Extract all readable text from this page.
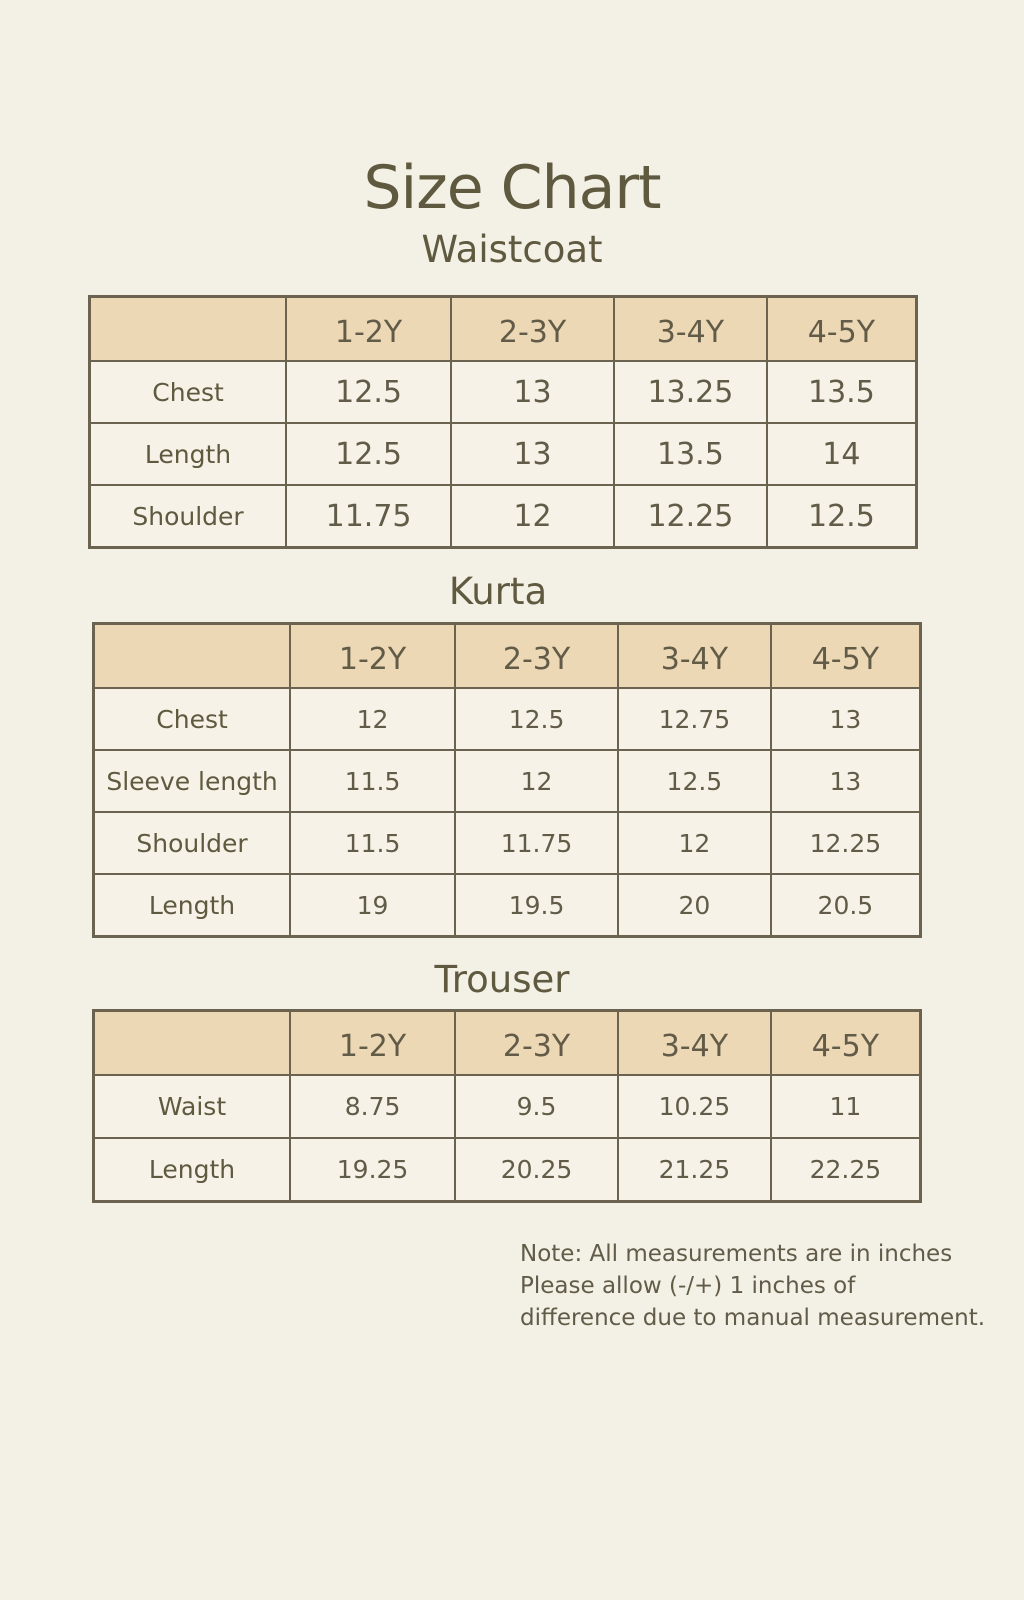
Size Chart
Waistcoat
	1-2Y	2-3Y	3-4Y	4-5Y
Chest	12.5	13	13.25	13.5
Length	12.5	13	13.5	14
Shoulder	11.75	12	12.25	12.5
Kurta
	1-2Y	2-3Y	3-4Y	4-5Y
Chest	12	12.5	12.75	13
Sleeve length	11.5	12	12.5	13
Shoulder	11.5	11.75	12	12.25
Length	19	19.5	20	20.5
Trouser
	1-2Y	2-3Y	3-4Y	4-5Y
Waist	8.75	9.5	10.25	11
Length	19.25	20.25	21.25	22.25
Note: All measurements are in inches
Please allow (-/+) 1 inches of
difference due to manual measurement.
